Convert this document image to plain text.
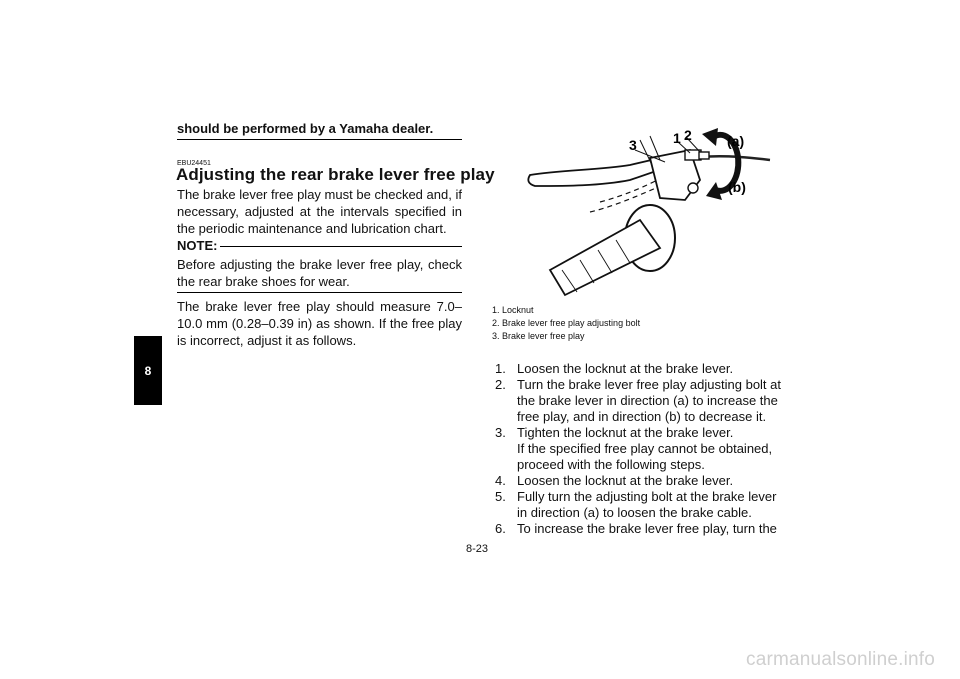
8
should be performed by a Yamaha dealer.
EBU24451
Adjusting the rear brake lever free play

The brake lever free play must be checked and, if necessary, adjusted at the intervals specified in the periodic maintenance and lubrication chart.

NOTE:

Before adjusting the brake lever free play, check the rear brake shoes for wear.

The brake lever free play should measure 7.0–10.0 mm (0.28–0.39 in) as shown. If the free play is incorrect, adjust it as follows.

3	1 2	(a)
(b)
1. Locknut
2. Brake lever free play adjusting bolt
3. Brake lever free play
1. Loosen the locknut at the brake lever.
2. Turn the brake lever free play adjusting bolt at the brake lever in direction (a) to increase the free play, and in direction (b) to decrease it.
3. Tighten the locknut at the brake lever.
If the specified free play cannot be obtained, proceed with the following steps.
4. Loosen the locknut at the brake lever.
5. Fully turn the adjusting bolt at the brake lever in direction (a) to loosen the brake cable.
6. To increase the brake lever free play, turn the
8-23
carmanualsonline.info
